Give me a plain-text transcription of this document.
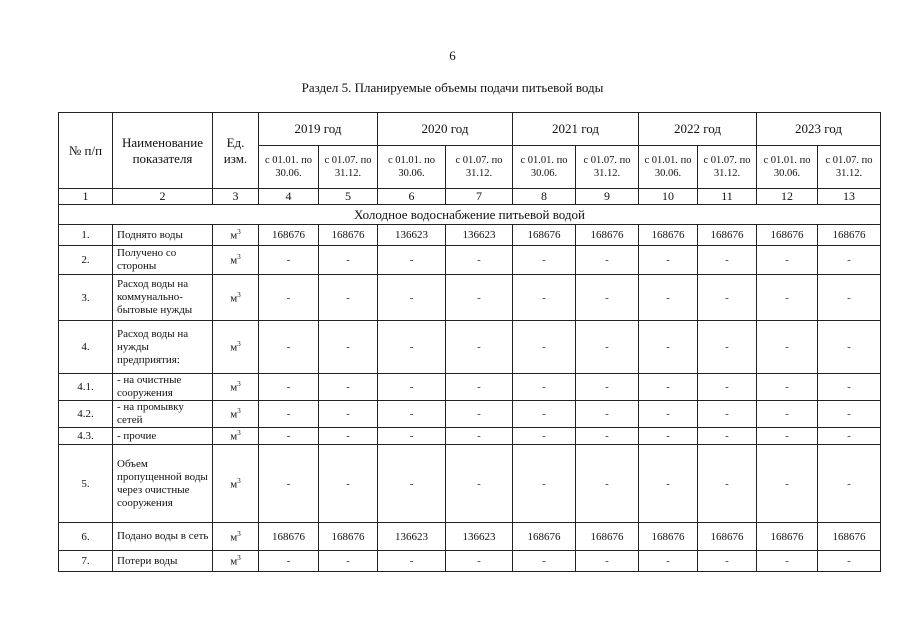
6
Раздел 5. Планируемые объемы подачи питьевой воды
№ п/п	Наименование показателя	Ед. изм.	2019 год		2020 год		2021 год		2022 год		2023 год	
			с 01.01. по 30.06.	с 01.07. по 31.12.	с 01.01. по 30.06.	с 01.07. по 31.12.	с 01.01. по 30.06.	с 01.07. по 31.12.	с 01.01. по 30.06.	с 01.07. по 31.12.	с 01.01. по 30.06.	с 01.07. по 31.12.
1	2	3	4	5	6	7	8	9	10	11	12	13
Холодное водоснабжение питьевой водой												
1.	Поднято воды	$м^3$	168676	168676	136623	136623	168676	168676	168676	168676	168676	168676
2.	Получено со стороны	$м^3$	-	-	-	-	-	-	-	-	-	-
3.	Расход воды на коммунально-бытовые нужды	$м^3$	-	-	-	-	-	-	-	-	-	-
4.	Расход воды на нужды предприятия:	$м^3$	-	-	-	-	-	-	-	-	-	-
4.1.	- на очистные сооружения	$м^3$	-	-	-	-	-	-	-	-	-	-
4.2.	- на промывку сетей	$м^3$	-	-	-	-	-	-	-	-	-	-
4.3.	- прочие	$м^3$	-	-	-	-	-	-	-	-	-	-
5.	Объем пропущенной воды через очистные сооружения	$м^3$	-	-	-	-	-	-	-	-	-	-
6.	Подано воды в сеть	$м^3$	168676	168676	136623	136623	168676	168676	168676	168676	168676	168676
7.	Потери воды	$м^3$	-	-	-	-	-	-	-	-	-	-
